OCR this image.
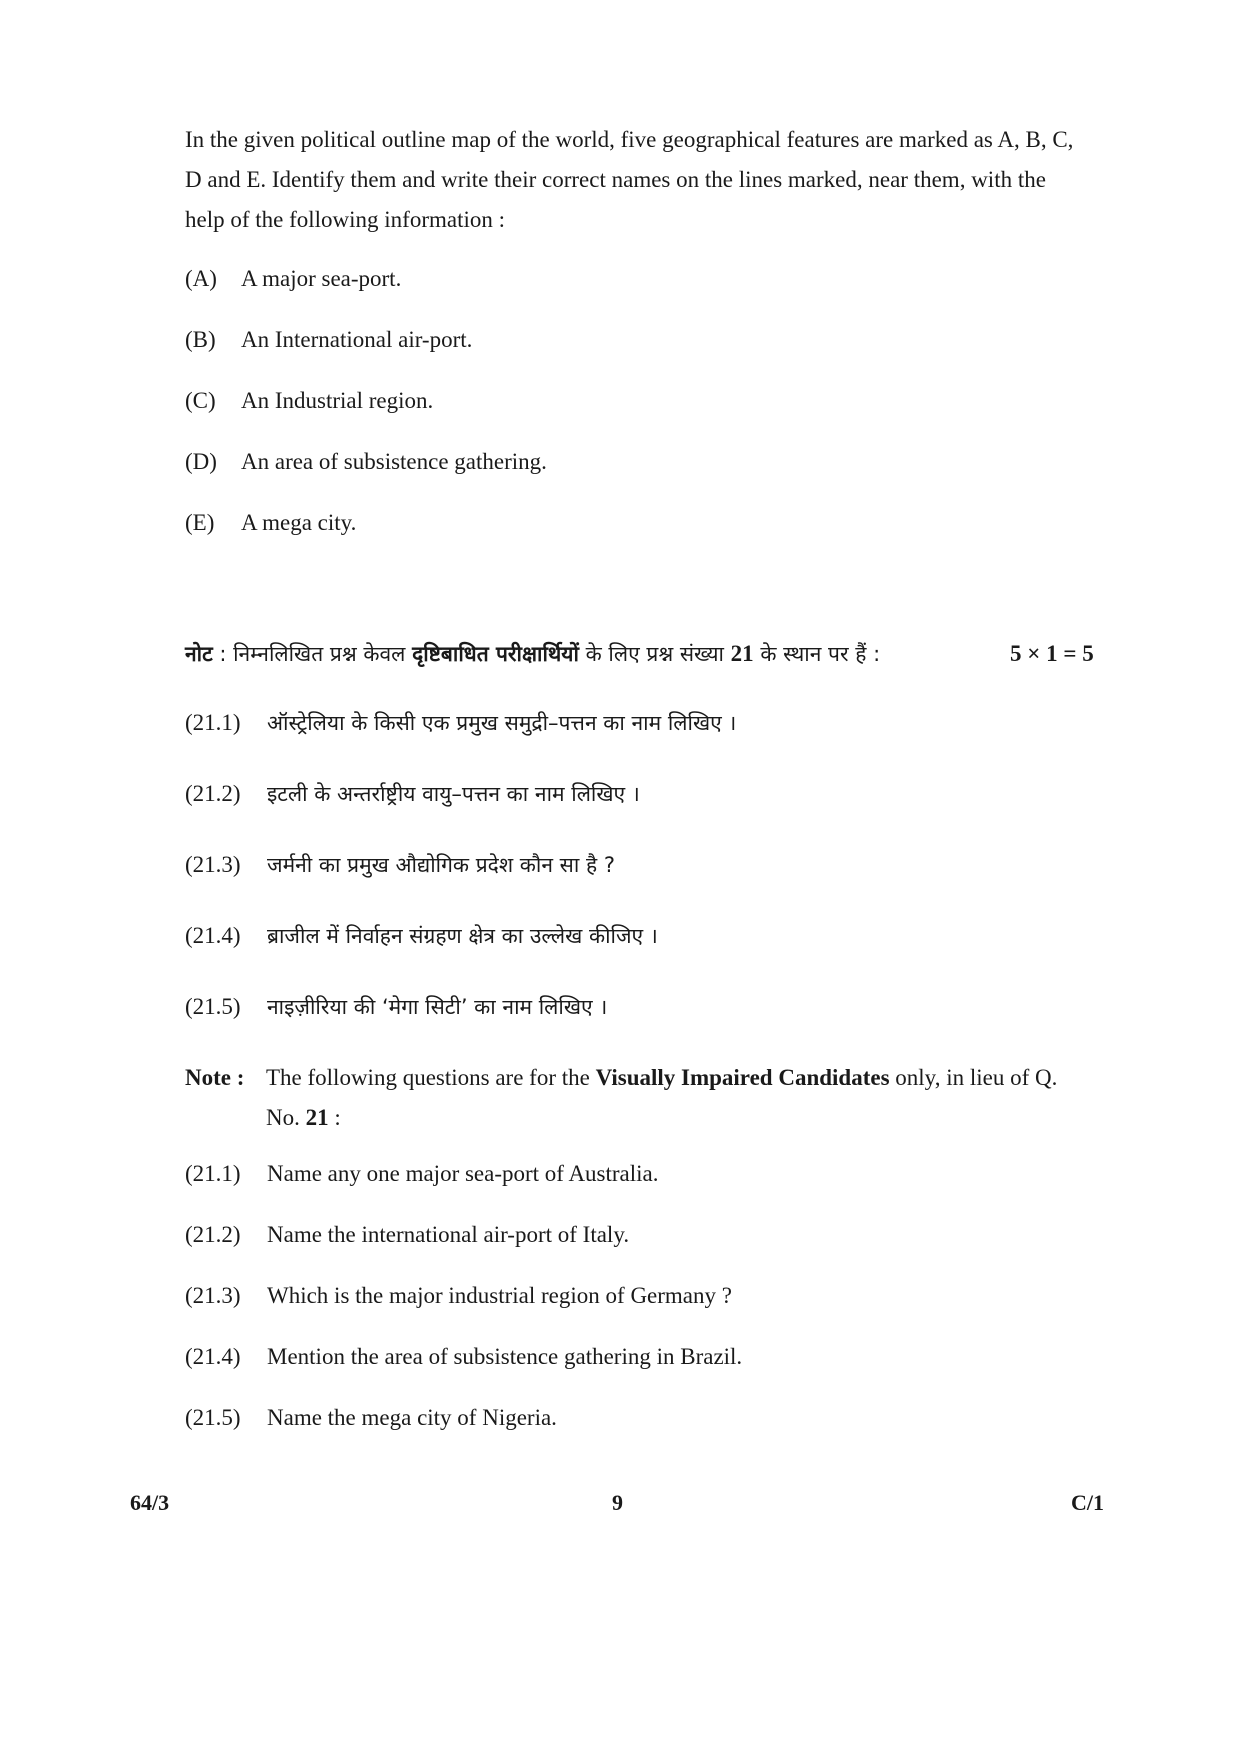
In the given political outline map of the world, five geographical features are marked as A, B, C, D and E. Identify them and write their correct names on the lines marked, near them, with the help of the following information :

(A) A major sea-port.
(B) An International air-port.
(C) An Industrial region.
(D) An area of subsistence gathering.
(E) A mega city.
नोट : निम्नलिखित प्रश्न केवल दृष्टिबाधित परीक्षार्थियों के लिए प्रश्न संख्या 21 के स्थान पर हैं :	5 × 1 = 5
(21.1) ऑस्ट्रेलिया के किसी एक प्रमुख समुद्री–पत्तन का नाम लिखिए ।
(21.2) इटली के अन्तर्राष्ट्रीय वायु–पत्तन का नाम लिखिए ।
(21.3) जर्मनी का प्रमुख औद्योगिक प्रदेश कौन सा है ?
(21.4) ब्राजील में निर्वाहन संग्रहण क्षेत्र का उल्लेख कीजिए ।
(21.5) नाइज़ीरिया की ‘मेगा सिटी’ का नाम लिखिए ।
Note : The following questions are for the Visually Impaired Candidates only, in lieu of Q. No. 21 :
(21.1) Name any one major sea-port of Australia.
(21.2) Name the international air-port of Italy.
(21.3) Which is the major industrial region of Germany ?
(21.4) Mention the area of subsistence gathering in Brazil.
(21.5) Name the mega city of Nigeria.
64/3	9	C/1
